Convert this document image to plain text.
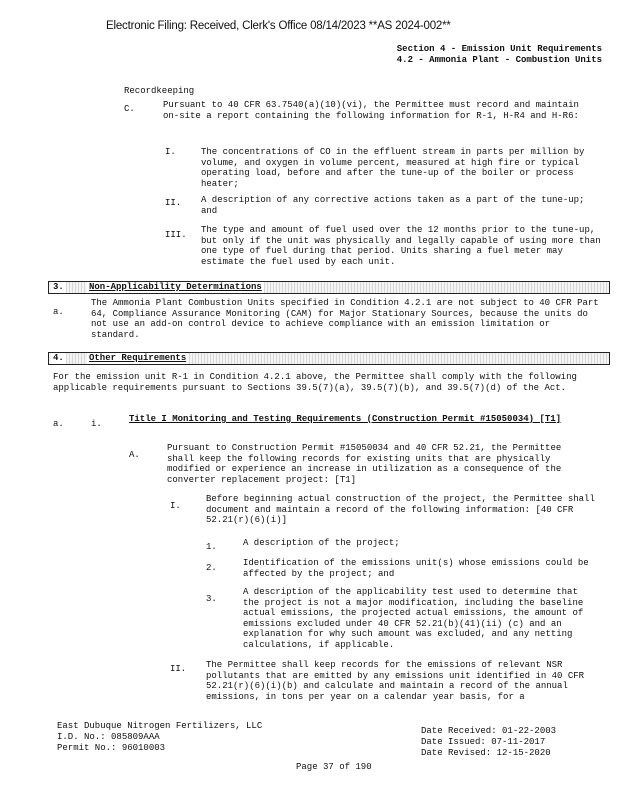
Electronic Filing: Received, Clerk's Office 08/14/2023 **AS 2024-002**
Section 4 - Emission Unit Requirements
4.2 - Ammonia Plant - Combustion Units
Recordkeeping
C.	Pursuant to 40 CFR 63.7540(a)(10)(vi), the Permittee must record and maintain on-site a report containing the following information for R-1, H-R4 and H-R6:
I.	The concentrations of CO in the effluent stream in parts per million by volume, and oxygen in volume percent, measured at high fire or typical operating load, before and after the tune-up of the boiler or process heater;
II. A description of any corrective actions taken as a part of the tune-up; and
III. The type and amount of fuel used over the 12 months prior to the tune-up, but only if the unit was physically and legally capable of using more than one type of fuel during that period. Units sharing a fuel meter may estimate the fuel used by each unit.
3.	Non-Applicability Determinations
a.
The Ammonia Plant Combustion Units specified in Condition 4.2.1 are not subject to 40 CFR Part 64, Compliance Assurance Monitoring (CAM) for Major Stationary Sources, because the units do not use an add-on control device to achieve compliance with an emission limitation or standard.
4.	Other Requirements
For the emission unit R-1 in Condition 4.2.1 above, the Permittee shall comply with the following applicable requirements pursuant to Sections 39.5(7)(a), 39.5(7)(b), and 39.5(7)(d) of the Act.
a.	i.	Title I Monitoring and Testing Requirements (Construction Permit #15050034) [T1]
A.
Pursuant to Construction Permit #15050034 and 40 CFR 52.21, the Permittee shall keep the following records for existing units that are physically modified or experience an increase in utilization as a consequence of the converter replacement project: [T1]
I.
Before beginning actual construction of the project, the Permittee shall document and maintain a record of the following information: [40 CFR 52.21(r)(6)(i)]
1.	A description of the project;
2.	Identification of the emissions unit(s) whose emissions could be affected by the project; and
3.
A description of the applicability test used to determine that the project is not a major modification, including the baseline actual emissions, the projected actual emissions, the amount of emissions excluded under 40 CFR 52.21(b)(41)(ii) (c) and an explanation for why such amount was excluded, and any netting calculations, if applicable.
II. The Permittee shall keep records for the emissions of relevant NSR pollutants that are emitted by any emissions unit identified in 40 CFR 52.21(r)(6)(i)(b) and calculate and maintain a record of the annual emissions, in tons per year on a calendar year basis, for a
East Dubuque Nitrogen Fertilizers, LLC
I.D. No.: 085809AAA
Permit No.: 96010003
Date Received: 01-22-2003
Date Issued: 07-11-2017
Date Revised: 12-15-2020
Page 37 of 190
